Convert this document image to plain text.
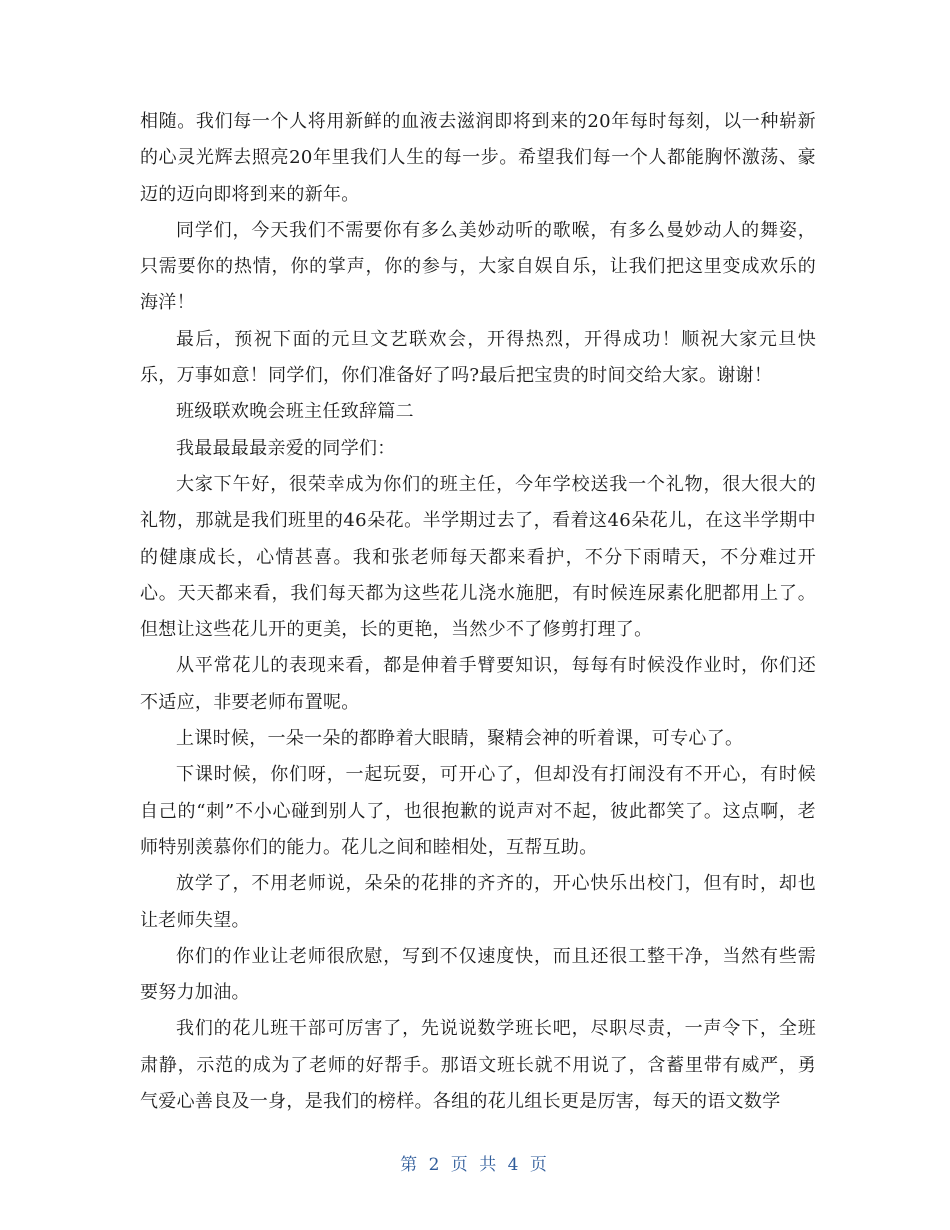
相随。我们每一个人将用新鲜的血液去滋润即将到来的20年每时每刻，以一种崭新的心灵光辉去照亮20年里我们人生的每一步。希望我们每一个人都能胸怀激荡、豪迈的迈向即将到来的新年。

同学们，今天我们不需要你有多么美妙动听的歌喉，有多么曼妙动人的舞姿，只需要你的热情，你的掌声，你的参与，大家自娱自乐，让我们把这里变成欢乐的海洋！

最后，预祝下面的元旦文艺联欢会，开得热烈，开得成功！顺祝大家元旦快乐，万事如意！同学们，你们准备好了吗?最后把宝贵的时间交给大家。谢谢！

班级联欢晚会班主任致辞篇二

我最最最最亲爱的同学们：

大家下午好，很荣幸成为你们的班主任，今年学校送我一个礼物，很大很大的礼物，那就是我们班里的46朵花。半学期过去了，看着这46朵花儿，在这半学期中的健康成长，心情甚喜。我和张老师每天都来看护，不分下雨晴天，不分难过开心。天天都来看，我们每天都为这些花儿浇水施肥，有时候连尿素化肥都用上了。但想让这些花儿开的更美，长的更艳，当然少不了修剪打理了。

从平常花儿的表现来看，都是伸着手臂要知识，每每有时候没作业时，你们还不适应，非要老师布置呢。

上课时候，一朵一朵的都睁着大眼睛，聚精会神的听着课，可专心了。

下课时候，你们呀，一起玩耍，可开心了，但却没有打闹没有不开心，有时候自己的“刺”不小心碰到别人了，也很抱歉的说声对不起，彼此都笑了。这点啊，老师特别羡慕你们的能力。花儿之间和睦相处，互帮互助。

放学了，不用老师说，朵朵的花排的齐齐的，开心快乐出校门，但有时，却也让老师失望。

你们的作业让老师很欣慰，写到不仅速度快，而且还很工整干净，当然有些需要努力加油。

我们的花儿班干部可厉害了，先说说数学班长吧，尽职尽责，一声令下，全班肃静，示范的成为了老师的好帮手。那语文班长就不用说了，含蓄里带有威严，勇气爱心善良及一身，是我们的榜样。各组的花儿组长更是厉害，每天的语文数学

第 2 页 共 4 页
